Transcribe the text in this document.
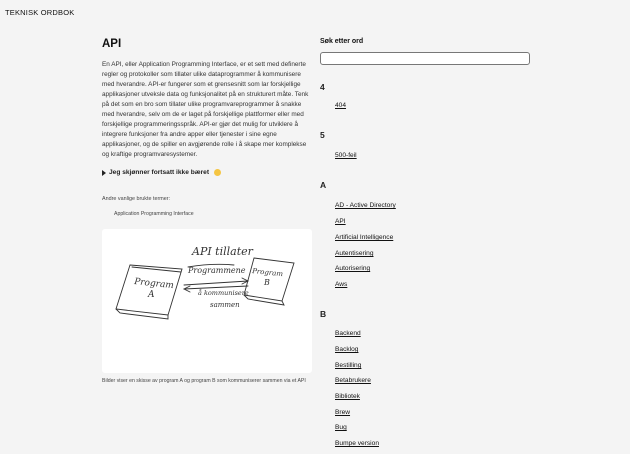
TEKNISK ORDBOK
API

En API, eller Application Programming Interface, er et sett med definerte regler og protokoller som tillater ulike dataprogrammer å kommunisere med hverandre. API-er fungerer som et grensesnitt som lar forskjellige applikasjoner utveksle data og funksjonalitet på en strukturert måte. Tenk på det som en bro som tillater ulike programvareprogrammer å snakke med hverandre, selv om de er laget på forskjellige plattformer eller med forskjellige programmeringsspråk. API-er gjør det mulig for utviklere å integrere funksjoner fra andre apper eller tjenester i sine egne applikasjoner, og de spiller en avgjørende rolle i å skape mer komplekse og kraftige programvaresystemer.

Jeg skjønner fortsatt ikke bæret
Andre vanlige brukte termer:
Application Programming Interface
Program
A
Program
B
API tillater
Programmene
å kommunisere
sammen
Bilder viser en skisse av program A og program B som kommuniserer sammen via et API
Søk etter ord
4
404
5
500-feil
A
AD - Active Directory
API
Artificial Intelligence
Autentisering
Autorisering
Aws
B
Backend
Backlog
Bestilling
Betabrukere
Bibliotek
Brew
Bug
Bumpe version
